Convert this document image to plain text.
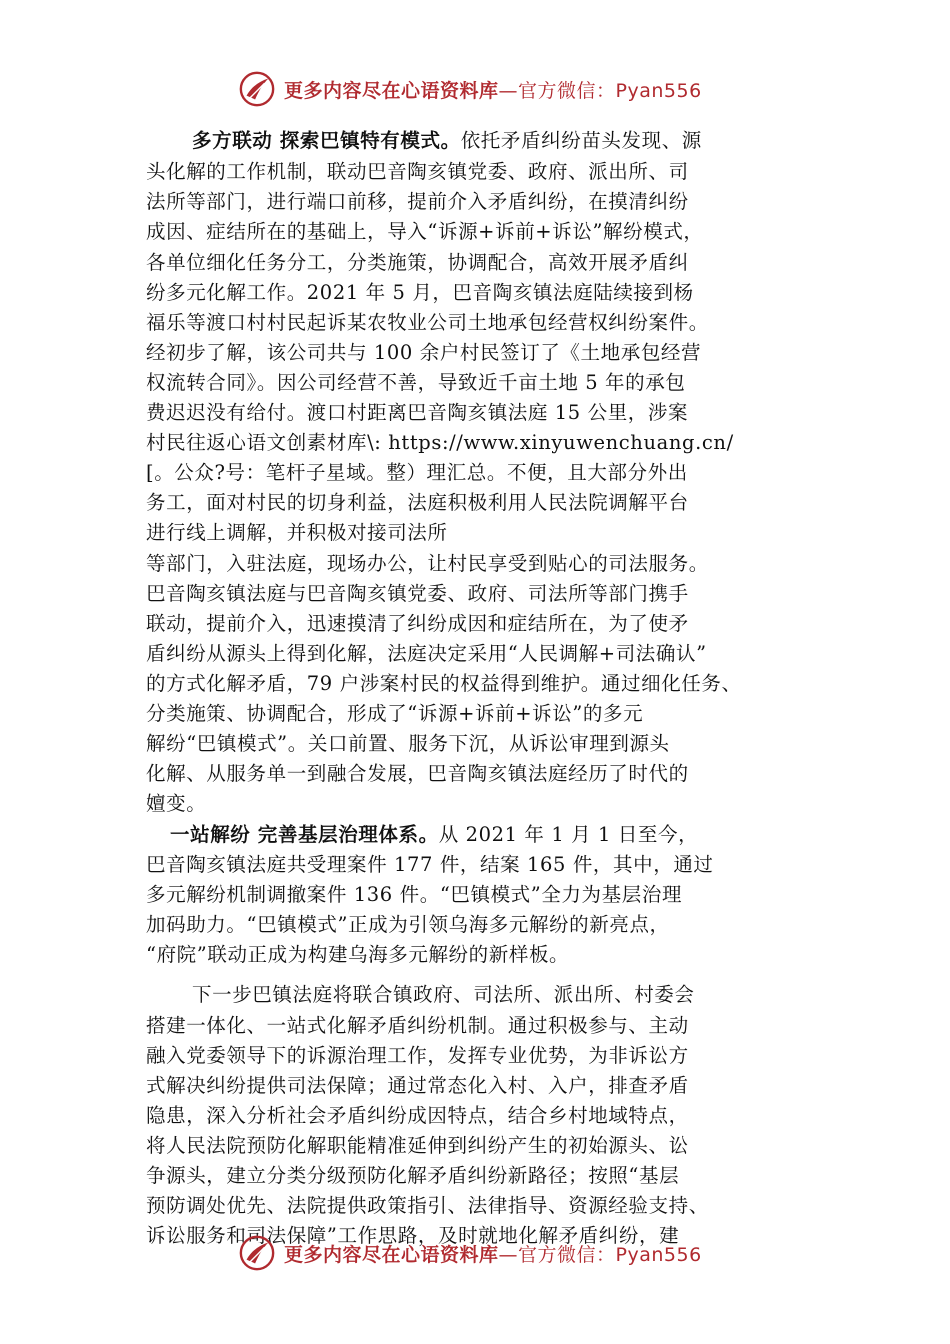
更多内容尽在心语资料库—官方微信：Pyan556
多方联动 探索巴镇特有模式。依托矛盾纠纷苗头发现、源
头化解的工作机制，联动巴音陶亥镇党委、政府、派出所、司
法所等部门，进行端口前移，提前介入矛盾纠纷，在摸清纠纷
成因、症结所在的基础上，导入“诉源+诉前+诉讼”解纷模式，
各单位细化任务分工，分类施策，协调配合，高效开展矛盾纠
纷多元化解工作。2021 年 5 月，巴音陶亥镇法庭陆续接到杨
福乐等渡口村村民起诉某农牧业公司土地承包经营权纠纷案件。
经初步了解，该公司共与 100 余户村民签订了《土地承包经营
权流转合同》。因公司经营不善，导致近千亩土地 5 年的承包
费迟迟没有给付。渡口村距离巴音陶亥镇法庭 15 公里，涉案
村民往返心语文创素材库\: https://www.xinyuwenchuang.cn/
[。公众?号：笔杆子星域。整）理汇总。不便，且大部分外出
务工，面对村民的切身利益，法庭积极利用人民法院调解平台
进行线上调解，并积极对接司法所
等部门，入驻法庭，现场办公，让村民享受到贴心的司法服务。
巴音陶亥镇法庭与巴音陶亥镇党委、政府、司法所等部门携手
联动，提前介入，迅速摸清了纠纷成因和症结所在，为了使矛
盾纠纷从源头上得到化解，法庭决定采用“人民调解+司法确认”
的方式化解矛盾，79 户涉案村民的权益得到维护。通过细化任务、
分类施策、协调配合，形成了“诉源+诉前+诉讼”的多元
解纷“巴镇模式”。关口前置、服务下沉，从诉讼审理到源头
化解、从服务单一到融合发展，巴音陶亥镇法庭经历了时代的
嬗变。
一站解纷 完善基层治理体系。从 2021 年 1 月 1 日至今，
巴音陶亥镇法庭共受理案件 177 件，结案 165 件，其中，通过
多元解纷机制调撤案件 136 件。“巴镇模式”全力为基层治理
加码助力。“巴镇模式”正成为引领乌海多元解纷的新亮点，
“府院”联动正成为构建乌海多元解纷的新样板。
下一步巴镇法庭将联合镇政府、司法所、派出所、村委会
搭建一体化、一站式化解矛盾纠纷机制。通过积极参与、主动
融入党委领导下的诉源治理工作，发挥专业优势，为非诉讼方
式解决纠纷提供司法保障；通过常态化入村、入户，排查矛盾
隐患，深入分析社会矛盾纠纷成因特点，结合乡村地域特点，
将人民法院预防化解职能精准延伸到纠纷产生的初始源头、讼
争源头，建立分类分级预防化解矛盾纠纷新路径；按照“基层
预防调处优先、法院提供政策指引、法律指导、资源经验支持、
诉讼服务和司法保障”工作思路，及时就地化解矛盾纠纷，建
更多内容尽在心语资料库—官方微信：Pyan556
